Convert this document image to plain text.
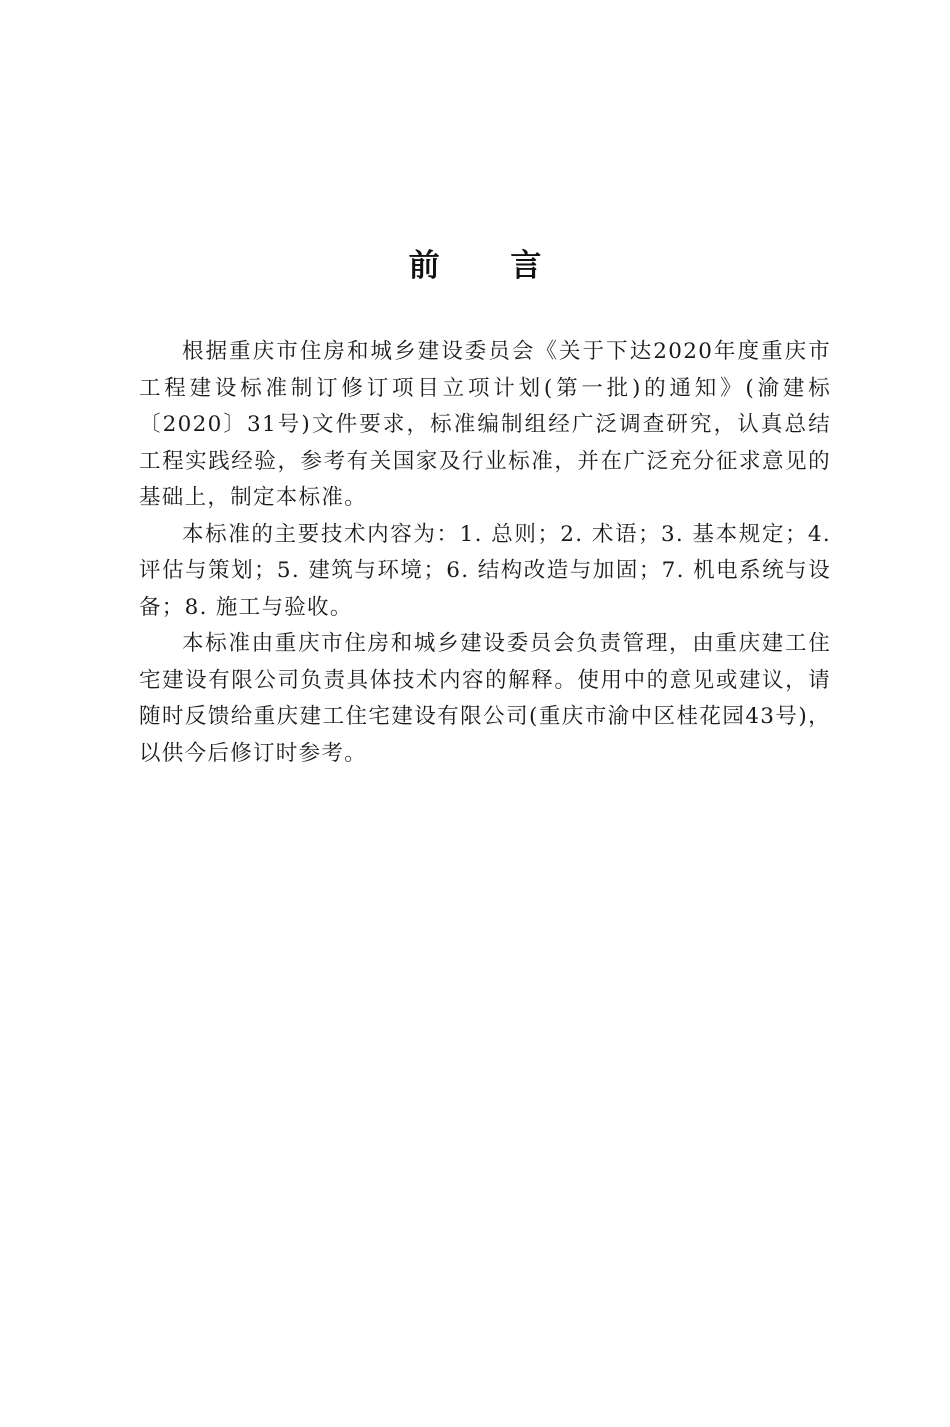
前 言

根据重庆市住房和城乡建设委员会《关于下达2020年度重庆市工程建设标准制订修订项目立项计划(第一批)的通知》(渝建标〔2020〕31号)文件要求，标准编制组经广泛调查研究，认真总结工程实践经验，参考有关国家及行业标准，并在广泛充分征求意见的基础上，制定本标准。

本标准的主要技术内容为：1. 总则；2. 术语；3. 基本规定；4. 评估与策划；5. 建筑与环境；6. 结构改造与加固；7. 机电系统与设备；8. 施工与验收。

本标准由重庆市住房和城乡建设委员会负责管理，由重庆建工住宅建设有限公司负责具体技术内容的解释。使用中的意见或建议，请随时反馈给重庆建工住宅建设有限公司(重庆市渝中区桂花园43号)，以供今后修订时参考。
